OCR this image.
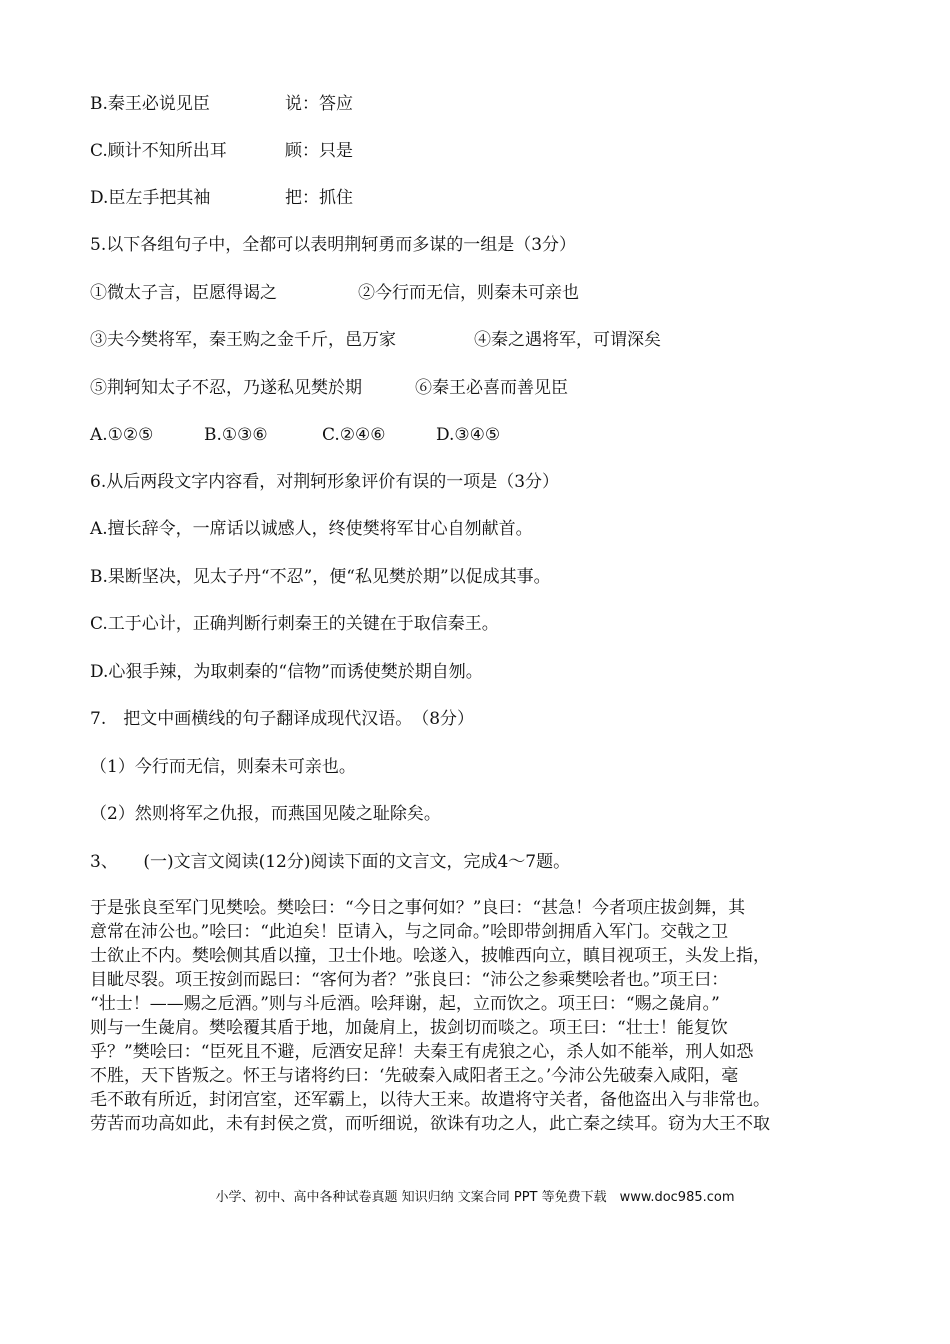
B.秦王必说见臣	说：答应
C.顾计不知所出耳	顾：只是
D.臣左手把其袖	把：抓住
5.以下各组句子中，全都可以表明荆轲勇而多谋的一组是（3分）
①微太子言，臣愿得谒之	②今行而无信，则秦未可亲也
③夫今樊将军，秦王购之金千斤，邑万家	④秦之遇将军，可谓深矣
⑤荆轲知太子不忍，乃遂私见樊於期	⑥秦王必喜而善见臣
A.①②⑤	B.①③⑥	C.②④⑥	D.③④⑤
6.从后两段文字内容看，对荆轲形象评价有误的一项是（3分）
A.擅长辞令，一席话以诚感人，终使樊将军甘心自刎献首。
B.果断坚决，见太子丹“不忍”，便“私见樊於期”以促成其事。
C.工于心计，正确判断行刺秦王的关键在于取信秦王。
D.心狠手辣，为取刺秦的“信物”而诱使樊於期自刎。
7.　把文中画横线的句子翻译成现代汉语。　（8分）
（1）今行而无信，则秦未可亲也。
（2）然则将军之仇报，而燕国见陵之耻除矣。
3、　　(一)文言文阅读(12分)阅读下面的文言文，完成4～7题。
于是张良至军门见樊哙。樊哙曰：“今日之事何如？”良曰：“甚急！今者项庄拔剑舞，其
意常在沛公也。”哙曰：“此迫矣！臣请入，与之同命。”哙即带剑拥盾入军门。交戟之卫
士欲止不内。樊哙侧其盾以撞，卫士仆地。哙遂入，披帷西向立，瞋目视项王，头发上指，
目眦尽裂。项王按剑而跽曰：“客何为者？”张良曰：“沛公之参乘樊哙者也。”项王曰：
“壮士！——赐之卮酒。”则与斗卮酒。哙拜谢，起，立而饮之。项王曰：“赐之彘肩。”
则与一生彘肩。樊哙覆其盾于地，加彘肩上，拔剑切而啖之。项王曰：“壮士！能复饮
乎？”樊哙曰：“臣死且不避，卮酒安足辞！夫秦王有虎狼之心，杀人如不能举，刑人如恐
不胜，天下皆叛之。怀王与诸将约曰：‘先破秦入咸阳者王之。’今沛公先破秦入咸阳，毫
毛不敢有所近，封闭宫室，还军霸上，以待大王来。故遣将守关者，备他盗出入与非常也。
劳苦而功高如此，未有封侯之赏，而听细说，欲诛有功之人，此亡秦之续耳。窃为大王不取
小学、初中、高中各种试卷真题 知识归纳 文案合同 PPT 等免费下载　www.doc985.com
